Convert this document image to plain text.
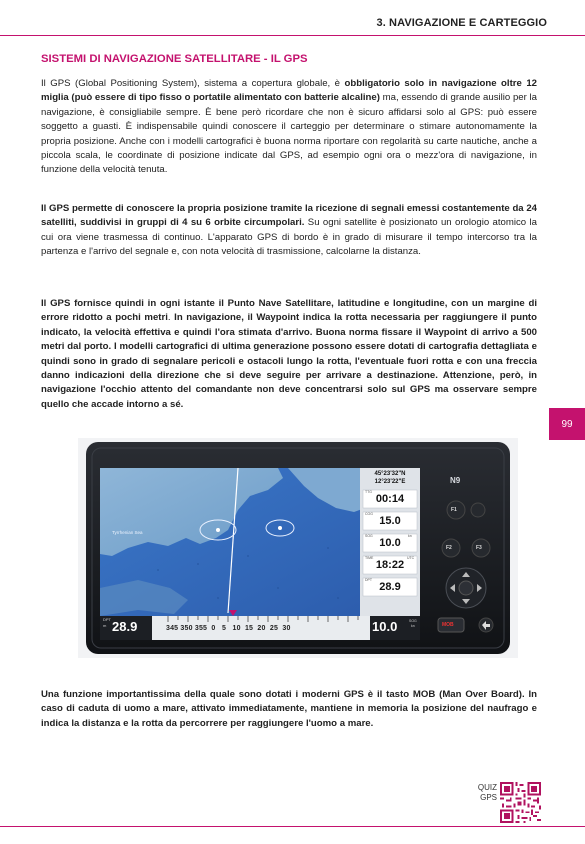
3. NAVIGAZIONE E CARTEGGIO
SISTEMI DI NAVIGAZIONE SATELLITARE - IL GPS

Il GPS (Global Positioning System), sistema a copertura globale, è obbligatorio solo in navigazione oltre 12 miglia (può essere di tipo fisso o portatile alimentato con batterie alcaline) ma, essendo di grande ausilio per la navigazione, è consigliabile sempre. È bene però ricordare che non è sicuro affidarsi solo al GPS: può essere soggetto a guasti. È indispensabile quindi conoscere il carteggio per determinare o stimare autonomamente la propria posizione. Anche con i modelli cartografici è buona norma riportare con regolarità su carte nautiche, anche a piccola scala, le coordinate di posizione indicate dal GPS, ad esempio ogni ora o mezz'ora di navigazione, in funzione della velocità tenuta.

Il GPS permette di conoscere la propria posizione tramite la ricezione di segnali emessi costantemente da 24 satelliti, suddivisi in gruppi di 4 su 6 orbite circumpolari. Su ogni satellite è posizionato un orologio atomico la cui ora viene trasmessa di continuo. L'apparato GPS di bordo è in grado di misurare il tempo intercorso tra la partenza e l'arrivo del segnale e, con nota velocità di trasmissione, calcolarne la distanza.

Il GPS fornisce quindi in ogni istante il Punto Nave Satellitare, latitudine e longitudine, con un margine di errore ridotto a pochi metri. In navigazione, il Waypoint indica la rotta necessaria per raggiungere il punto indicato, la velocità effettiva e quindi l'ora stimata d'arrivo. Buona norma fissare il Waypoint di arrivo a 500 metri dal porto. I modelli cartografici di ultima generazione possono essere dotati di cartografia dettagliata e quindi sono in grado di segnalare pericoli e ostacoli lungo la rotta, l'eventuale fuori rotta e con una freccia danno indicazioni della direzione che si deve seguire per arrivare a destinazione. Attenzione, però, in navigazione l'occhio attento del comandante non deve concentrarsi solo sul GPS ma osservare sempre quello che accade intorno a sé.

99
Tyrrhenian Sea
N9
45°23'32"N
12°23'22"E
TTG
00:14
COG
15.0
SOG	kn
10.0
TIME	UTC
18:22
DPT
28.9
DPT
m 28.9	345 350 355  0   5   10  15  20  25  30	10.0	SOG
kn
F1
F2	F3
MOB

Una funzione importantissima della quale sono dotati i moderni GPS è il tasto MOB (Man Over Board). In caso di caduta di uomo a mare, attivato immediatamente, mantiene in memoria la posizione del naufrago e indica la distanza e la rotta da percorrere per raggiungere l'uomo a mare.

QUIZ
GPS
